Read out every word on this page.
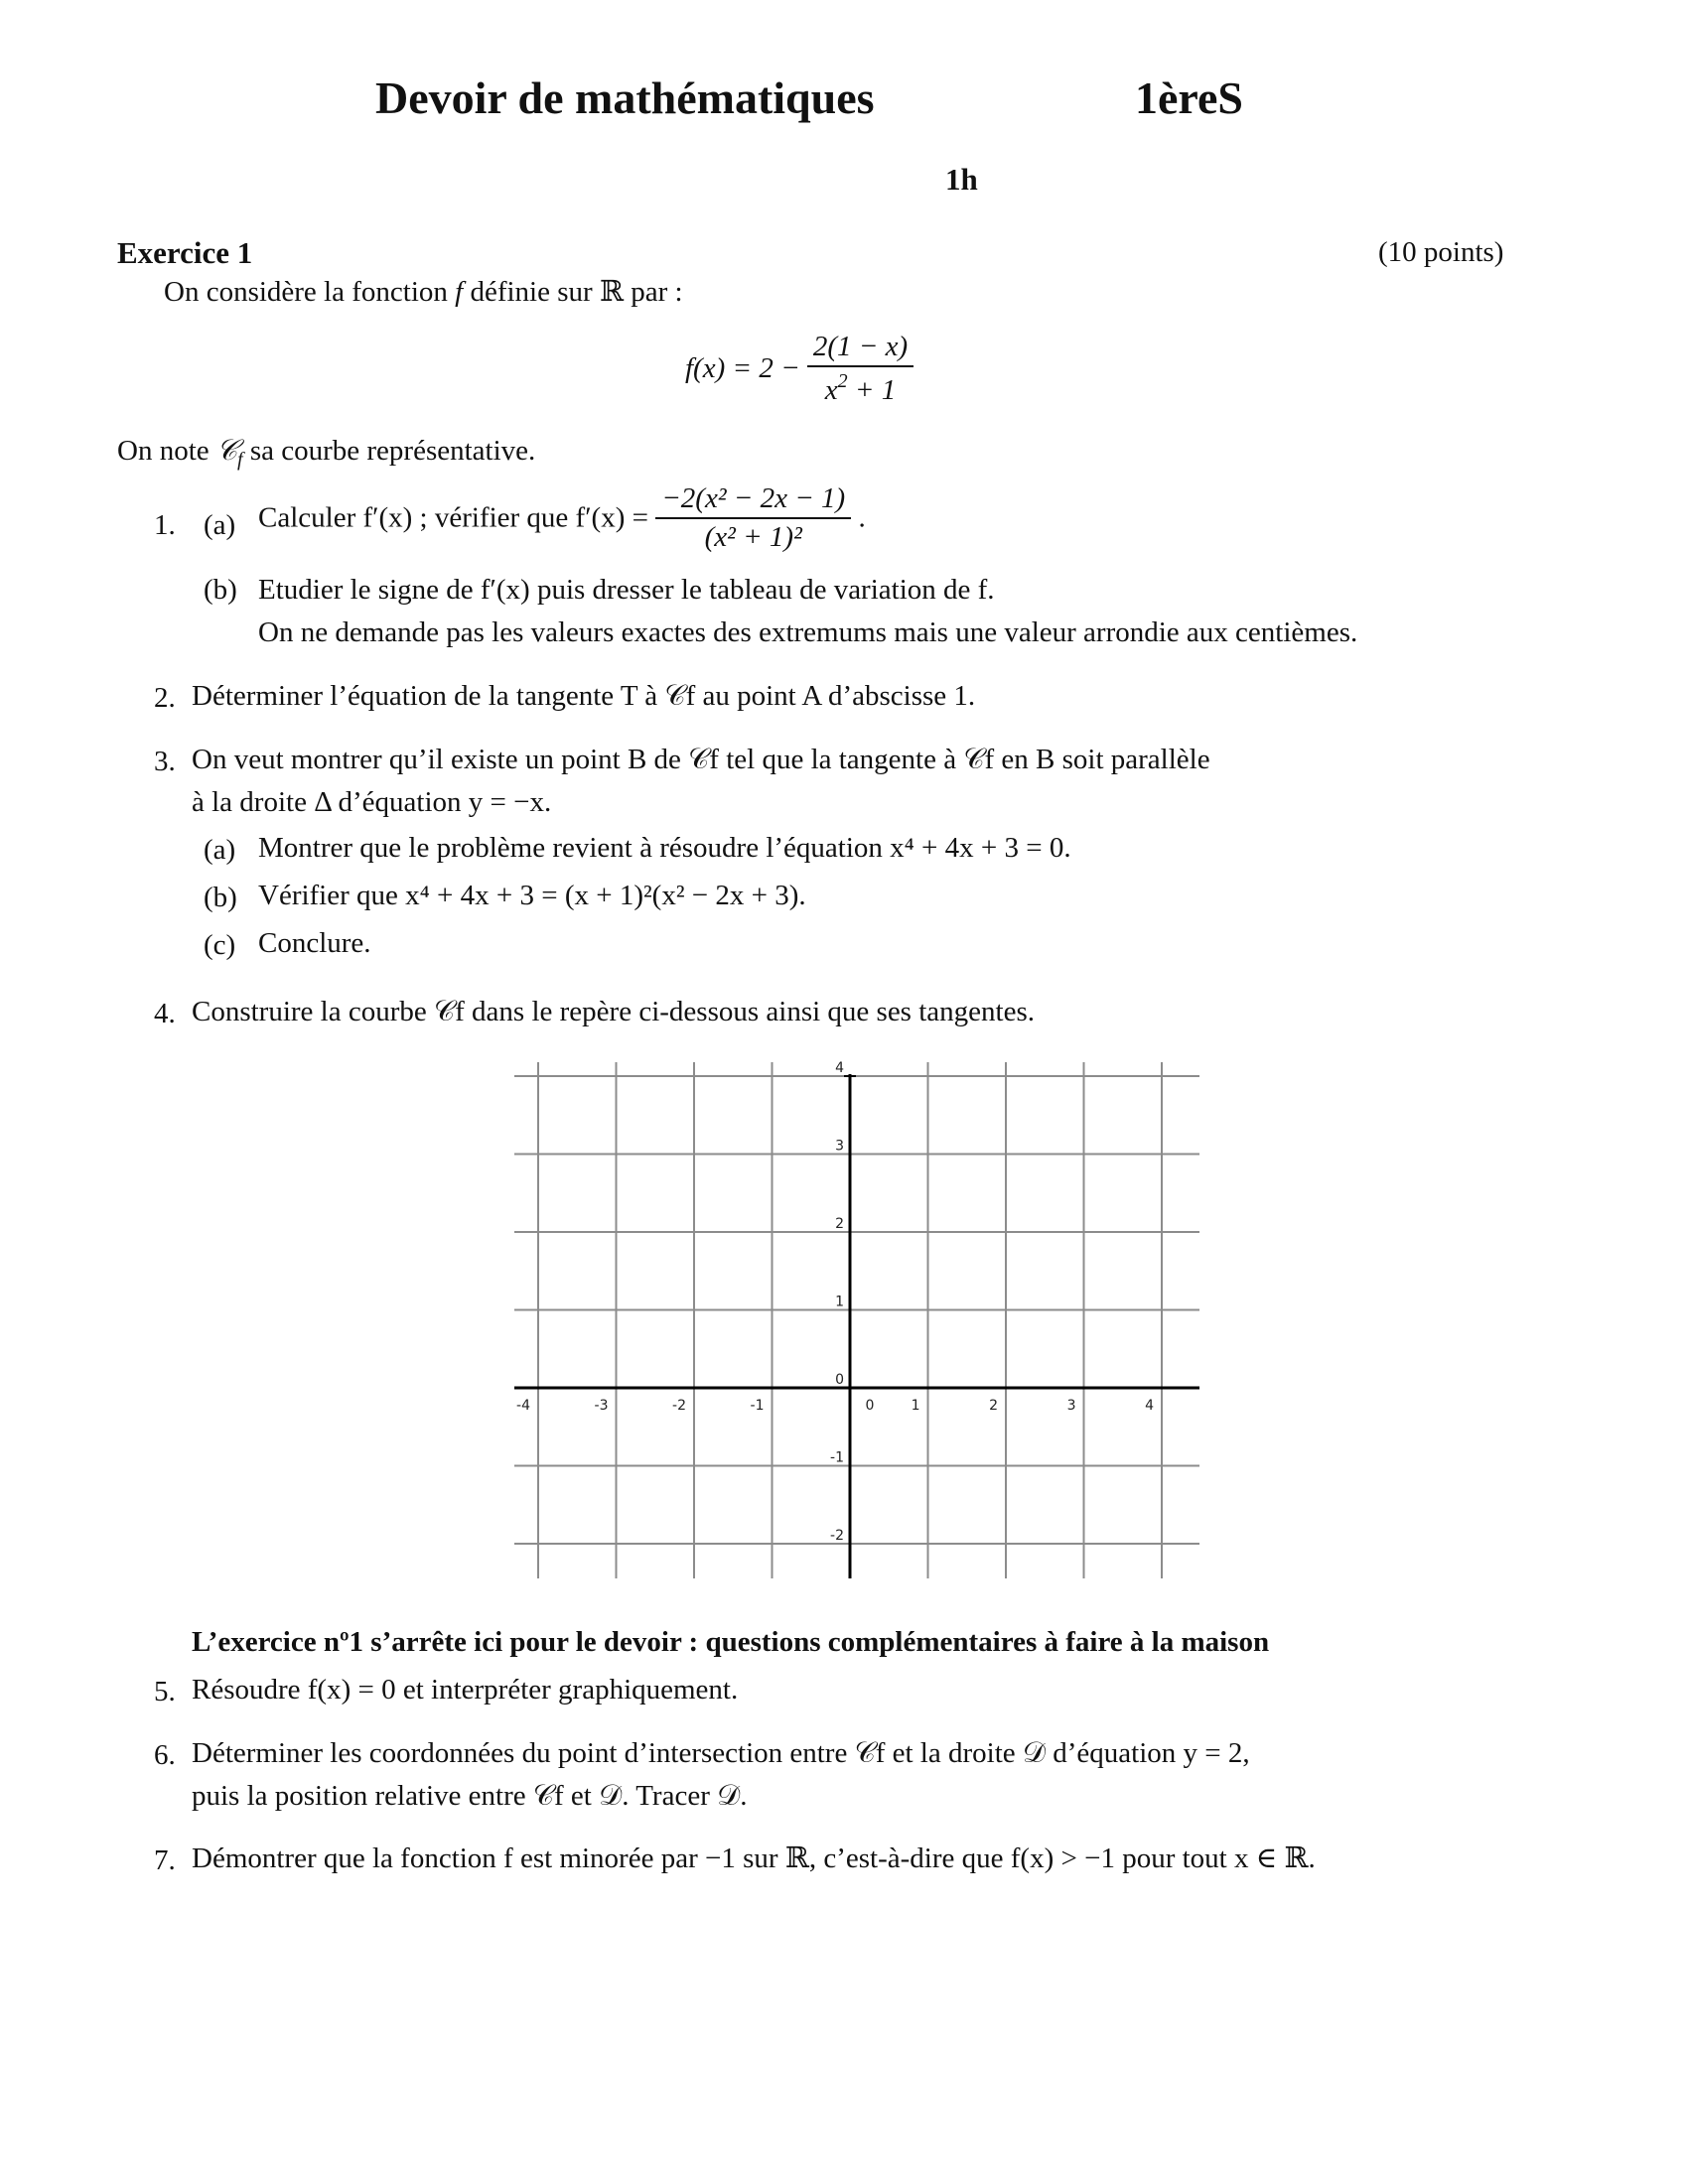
Devoir de mathématiques	1èreS
1h
Exercice 1	(10 points)
On considère la fonction f définie sur ℝ par :
$f(x) = 2 - \frac{2(1 - x)}{x^2 + 1}$
On note 𝒞$_f$ sa courbe représentative.
1. (a) Calculer f′(x) ; vérifier que $f'(x) = \frac{\text{−2(x² − 2x − 1)}}{\text{(x² + 1)²}}$ .
(b) Etudier le signe de f′(x) puis dresser le tableau de variation de f.
On ne demande pas les valeurs exactes des extremums mais une valeur arrondie aux centièmes.
2. Déterminer l’équation de la tangente T à 𝒞f au point A d’abscisse 1.
3. On veut montrer qu’il existe un point B de 𝒞f tel que la tangente à 𝒞f en B soit parallèle
à la droite Δ d’équation y = −x.
(a) Montrer que le problème revient à résoudre l’équation x⁴ + 4x + 3 = 0.
(b) Vérifier que x⁴ + 4x + 3 = (x + 1)²(x² − 2x + 3).
(c) Conclure.
4. Construire la courbe 𝒞f dans le repère ci-dessous ainsi que ses tangentes.
-4	-3	-2	-1	0	1	2	3	4
4
3
2
1
0
-1
-2
L’exercice nº1 s’arrête ici pour le devoir : questions complémentaires à faire à la maison
5. Résoudre f(x) = 0 et interpréter graphiquement.
6. Déterminer les coordonnées du point d’intersection entre 𝒞f et la droite 𝒟 d’équation y = 2,
puis la position relative entre 𝒞f et 𝒟. Tracer 𝒟.
7. Démontrer que la fonction f est minorée par −1 sur ℝ, c’est-à-dire que f(x) > −1 pour tout x ∈ ℝ.
